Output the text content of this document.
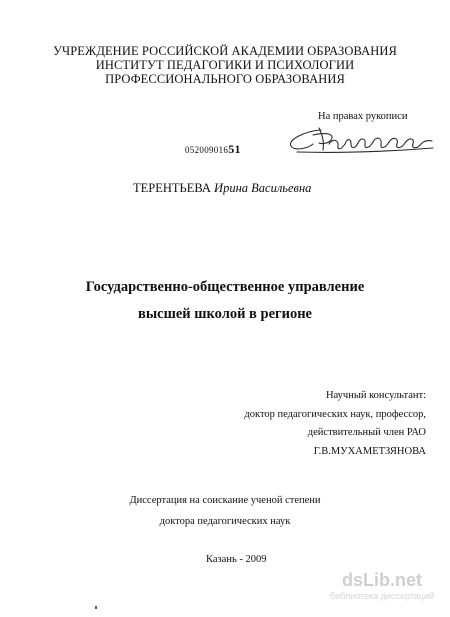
УЧРЕЖДЕНИЕ РОССИЙСКОЙ АКАДЕМИИ ОБРАЗОВАНИЯ
ИНСТИТУТ ПЕДАГОГИКИ И ПСИХОЛОГИИ
ПРОФЕССИОНАЛЬНОГО ОБРАЗОВАНИЯ
На правах рукописи
05200901651
ТЕРЕНТЬЕВА Ирина Васильевна
Государственно-общественное управление
высшей школой в регионе
Научный консультант:
доктор педагогических наук, профессор,
действительный член РАО
Г.В.МУХАМЕТЗЯНОВА
Диссертация на соискание ученой степени
доктора педагогических наук
Казань - 2009
dsLib.net
библиотека диссертаций
